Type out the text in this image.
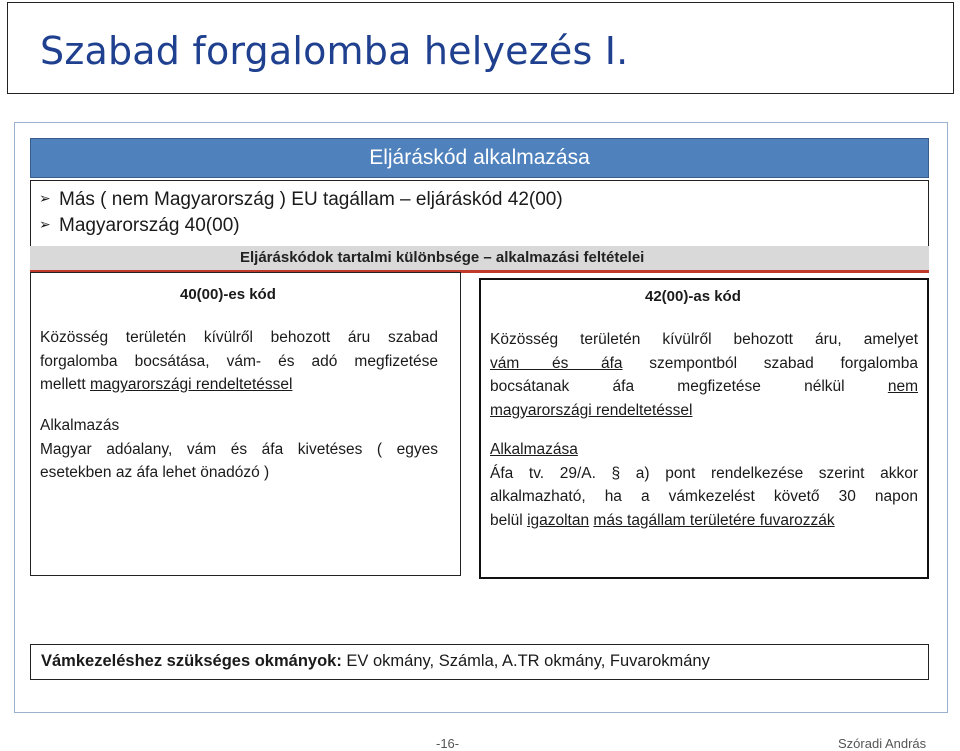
Szabad forgalomba helyezés I.
Eljáráskód alkalmazása
➢ Más ( nem Magyarország ) EU tagállam – eljáráskód 42(00)
➢ Magyarország 40(00)
Eljáráskódok tartalmi különbsége – alkalmazási feltételei
40(00)-es kód
Közösség területén kívülről behozott áru szabad
forgalomba bocsátása, vám- és adó megfizetése
mellett magyarországi rendeltetéssel
Alkalmazás
Magyar adóalany, vám és áfa kivetéses ( egyes
esetekben az áfa lehet önadózó )
42(00)-as kód
Közösség területén kívülről behozott áru, amelyet
vám és áfa szempontból szabad forgalomba
bocsátanak áfa megfizetése nélkül nem
magyarországi rendeltetéssel
Alkalmazása
Áfa tv. 29/A. § a) pont rendelkezése szerint akkor
alkalmazható, ha a vámkezelést követő 30 napon
belül igazoltan más tagállam területére fuvarozzák
Vámkezeléshez szükséges okmányok: EV okmány, Számla, A.TR okmány, Fuvarokmány
-16-	Szóradi András
